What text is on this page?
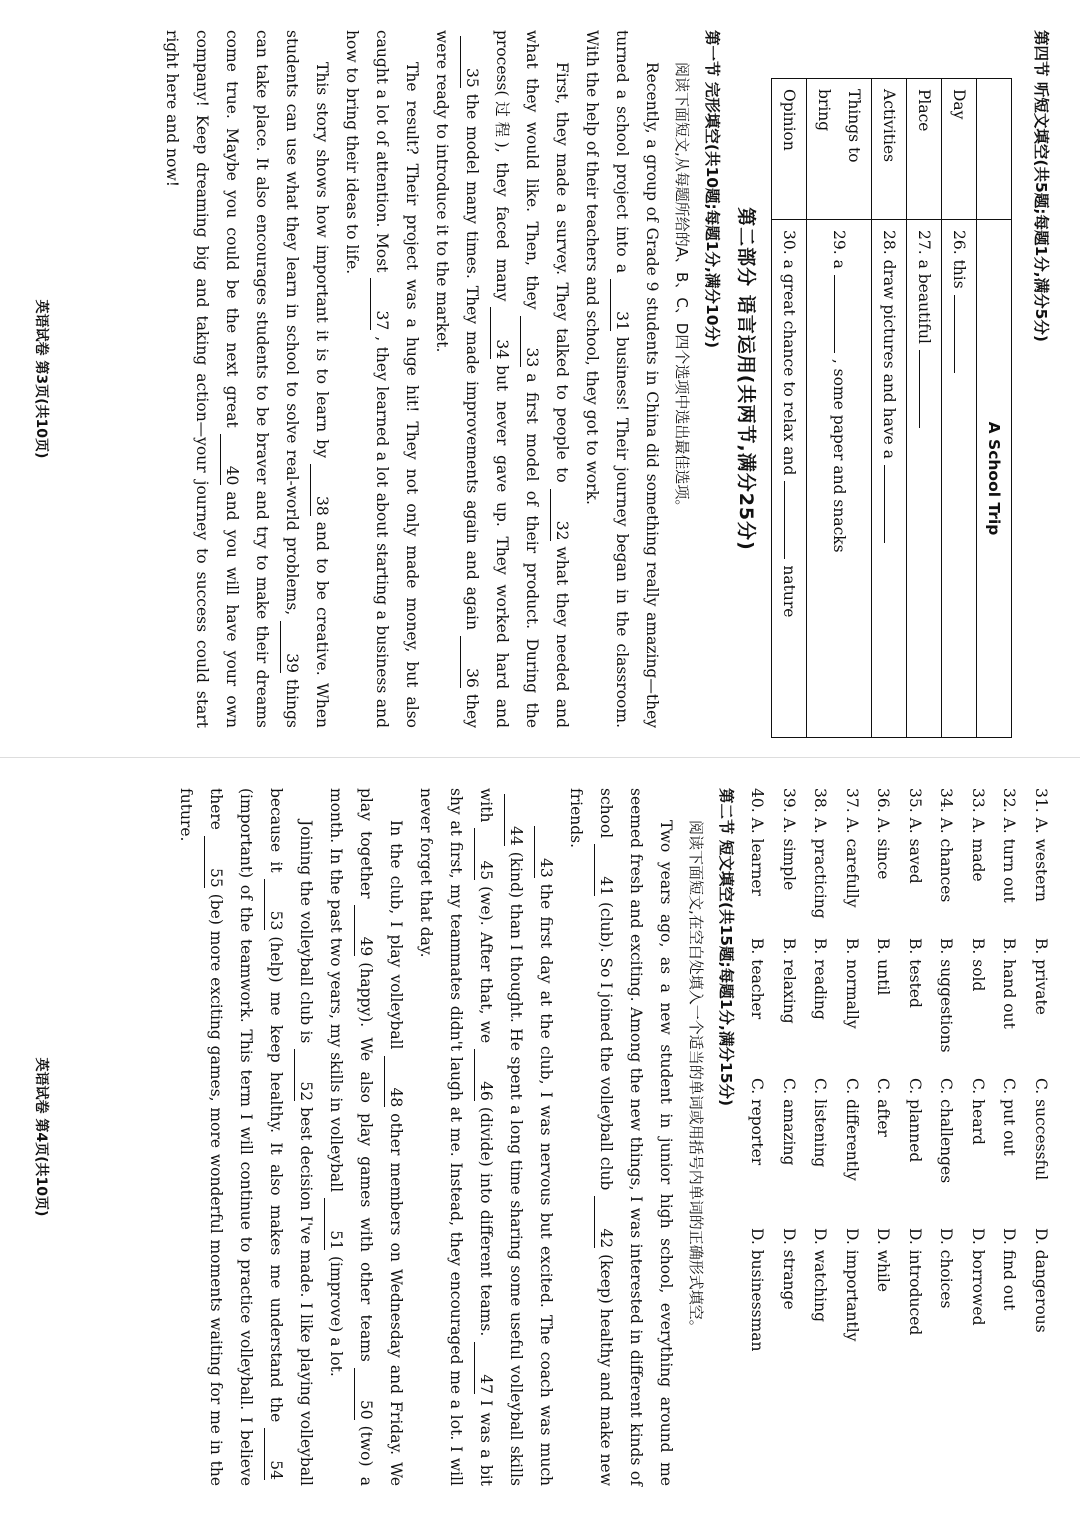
第四节 听短文填空(共5题;每题1分,满分5分)
	A School Trip
Day	26. this
Place	27. a beautiful
Activities	28. draw pictures and have a
Things to bring	29. a, some paper and snacks
Opinion	30. a great chance to relax andnature
第二部分 语言运用(共两节,满分25分)
第一节 完形填空(共10题;每题1分,满分10分)
阅读下面短文,从每题所给的A、B、C、D四个选项中选出最佳选项。

Recently, a group of Grade 9 students in China did something really amazing—they turned a school project into a31business! Their journey began in the classroom. With the help of their teachers and school, they got to work.

First, they made a survey. They talked to people to32what they needed and what they would like. Then, they33a first model of their product. During the process(过程), they faced many34but never gave up. They worked hard and35the model many times. They made improvements again and again36they were ready to introduce it to the market.

The result? Their project was a huge hit! They not only made money, but also caught a lot of attention. Most37, they learned a lot about starting a business and how to bring their ideas to life.

This story shows how important it is to learn by38and to be creative. When students can use what they learn in school to solve real-world problems,39things can take place. It also encourages students to be braver and try to make their dreams come true. Maybe you could be the next great40and you will have your own company! Keep dreaming big and taking action—your journey to success could start right here and now!

英语试卷 第3页(共10页)
31. A. western
B. private
C. successful
D. dangerous
32. A. turn out
B. hand out
C. put out
D. find out
33. A. made
B. sold
C. heard
D. borrowed
34. A. chances
B. suggestions
C. challenges
D. choices
35. A. saved
B. tested
C. planned
D. introduced
36. A. since
B. until
C. after
D. while
37. A. carefully
B. normally
C. differently
D. importantly
38. A. practicing
B. reading
C. listening
D. watching
39. A. simple
B. relaxing
C. amazing
D. strange
40. A. learner
B. teacher
C. reporter
D. businessman
第二节 短文填空(共15题;每题1分,满分15分)
阅读下面短文,在空白处填入一个适当的单词或用括号内单词的正确形式填空。

Two years ago, as a new student in junior high school, everything around me seemed fresh and exciting. Among the new things, I was interested in different kinds of school41(club). So I joined the volleyball club42(keep) healthy and make new friends.

43the first day at the club, I was nervous but excited. The coach was much44(kind) than I thought. He spent a long time sharing some useful volleyball skills with45(we). After that, we46(divide) into different teams.47I was a bit shy at first, my teammates didn't laugh at me. Instead, they encouraged me a lot. I will never forget that day.

In the club, I play volleyball48other members on Wednesday and Friday. We play together49(happy). We also play games with other teams50(two) a month. In the past two years, my skills in volleyball51(improve) a lot.

Joining the volleyball club is52best decision I've made. I like playing volleyball because it53(help) me keep healthy. It also makes me understand the54(important) of the teamwork. This term I will continue to practice volleyball. I believe there55(be) more exciting games, more wonderful moments waiting for me in the future.

英语试卷 第4页(共10页)
